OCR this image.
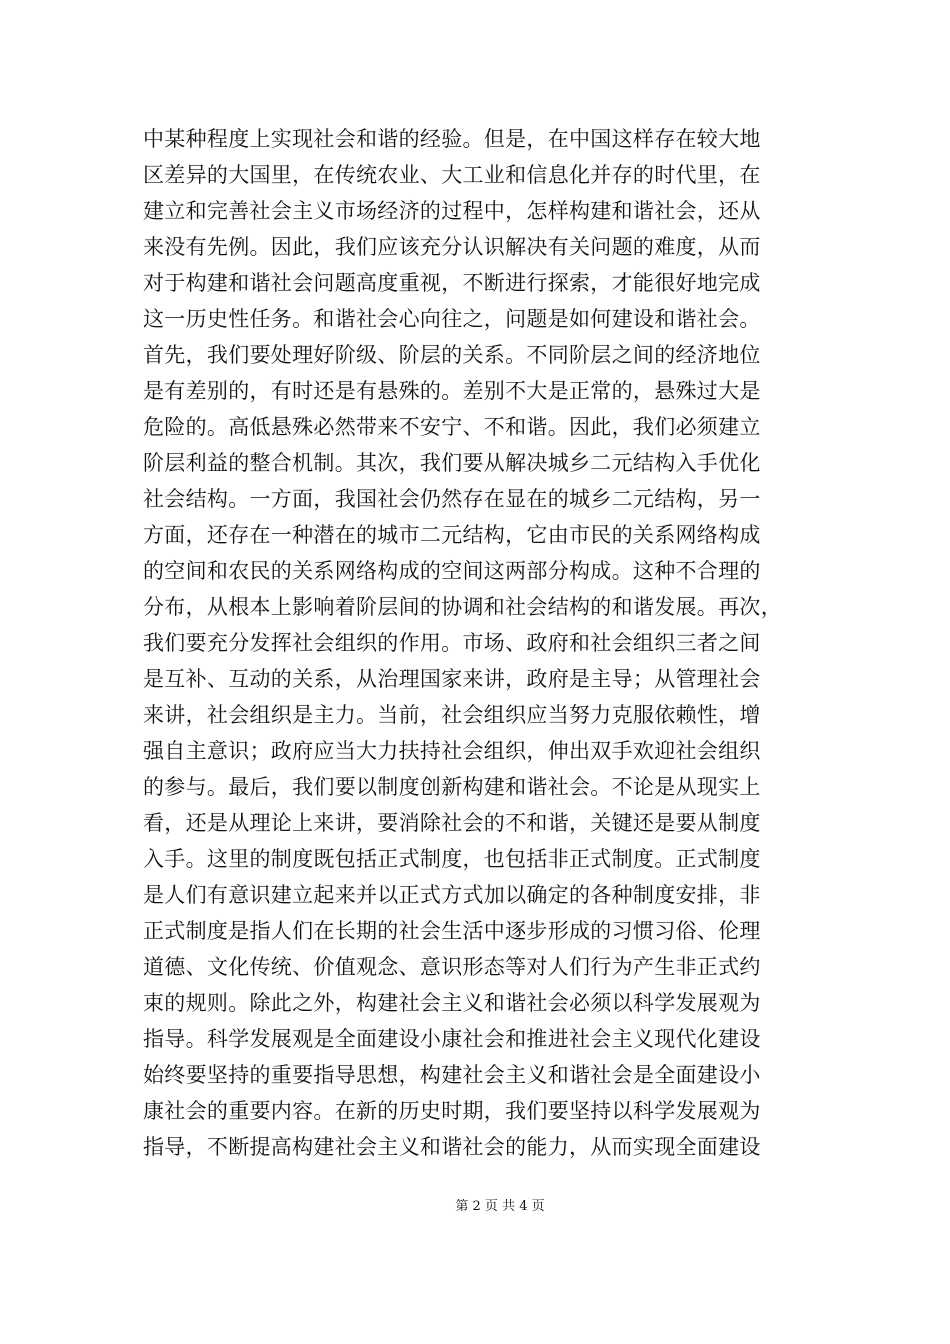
中某种程度上实现社会和谐的经验。但是，在中国这样存在较大地
区差异的大国里，在传统农业、大工业和信息化并存的时代里，在
建立和完善社会主义市场经济的过程中，怎样构建和谐社会，还从
来没有先例。因此，我们应该充分认识解决有关问题的难度，从而
对于构建和谐社会问题高度重视，不断进行探索，才能很好地完成
这一历史性任务。和谐社会心向往之，问题是如何建设和谐社会。
首先，我们要处理好阶级、阶层的关系。不同阶层之间的经济地位
是有差别的，有时还是有悬殊的。差别不大是正常的，悬殊过大是
危险的。高低悬殊必然带来不安宁、不和谐。因此，我们必须建立
阶层利益的整合机制。其次，我们要从解决城乡二元结构入手优化
社会结构。一方面，我国社会仍然存在显在的城乡二元结构，另一
方面，还存在一种潜在的城市二元结构，它由市民的关系网络构成
的空间和农民的关系网络构成的空间这两部分构成。这种不合理的
分布，从根本上影响着阶层间的协调和社会结构的和谐发展。再次，
我们要充分发挥社会组织的作用。市场、政府和社会组织三者之间
是互补、互动的关系，从治理国家来讲，政府是主导；从管理社会
来讲，社会组织是主力。当前，社会组织应当努力克服依赖性，增
强自主意识；政府应当大力扶持社会组织，伸出双手欢迎社会组织
的参与。最后，我们要以制度创新构建和谐社会。不论是从现实上
看，还是从理论上来讲，要消除社会的不和谐，关键还是要从制度
入手。这里的制度既包括正式制度，也包括非正式制度。正式制度
是人们有意识建立起来并以正式方式加以确定的各种制度安排，非
正式制度是指人们在长期的社会生活中逐步形成的习惯习俗、伦理
道德、文化传统、价值观念、意识形态等对人们行为产生非正式约
束的规则。除此之外，构建社会主义和谐社会必须以科学发展观为
指导。科学发展观是全面建设小康社会和推进社会主义现代化建设
始终要坚持的重要指导思想，构建社会主义和谐社会是全面建设小
康社会的重要内容。在新的历史时期，我们要坚持以科学发展观为
指导，不断提高构建社会主义和谐社会的能力，从而实现全面建设
第 2 页 共 4 页
